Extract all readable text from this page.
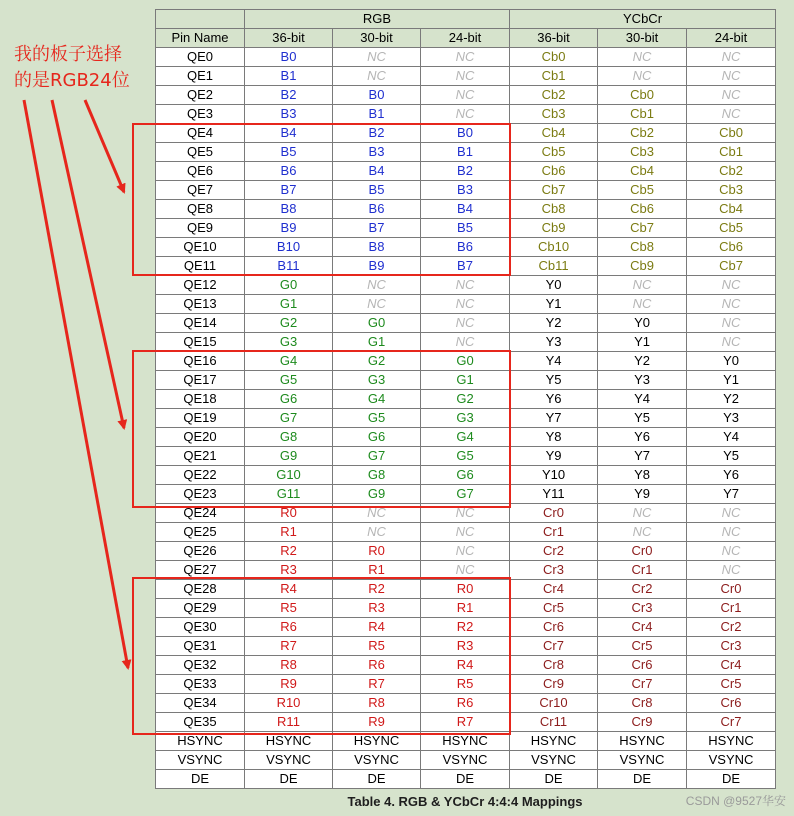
我的板子选择
的是RGB24位
	RGB			YCbCr		
Pin Name	36-bit	30-bit	24-bit	36-bit	30-bit	24-bit
QE0	B0	NC	NC	Cb0	NC	NC
QE1	B1	NC	NC	Cb1	NC	NC
QE2	B2	B0	NC	Cb2	Cb0	NC
QE3	B3	B1	NC	Cb3	Cb1	NC
QE4	B4	B2	B0	Cb4	Cb2	Cb0
QE5	B5	B3	B1	Cb5	Cb3	Cb1
QE6	B6	B4	B2	Cb6	Cb4	Cb2
QE7	B7	B5	B3	Cb7	Cb5	Cb3
QE8	B8	B6	B4	Cb8	Cb6	Cb4
QE9	B9	B7	B5	Cb9	Cb7	Cb5
QE10	B10	B8	B6	Cb10	Cb8	Cb6
QE11	B11	B9	B7	Cb11	Cb9	Cb7
QE12	G0	NC	NC	Y0	NC	NC
QE13	G1	NC	NC	Y1	NC	NC
QE14	G2	G0	NC	Y2	Y0	NC
QE15	G3	G1	NC	Y3	Y1	NC
QE16	G4	G2	G0	Y4	Y2	Y0
QE17	G5	G3	G1	Y5	Y3	Y1
QE18	G6	G4	G2	Y6	Y4	Y2
QE19	G7	G5	G3	Y7	Y5	Y3
QE20	G8	G6	G4	Y8	Y6	Y4
QE21	G9	G7	G5	Y9	Y7	Y5
QE22	G10	G8	G6	Y10	Y8	Y6
QE23	G11	G9	G7	Y11	Y9	Y7
QE24	R0	NC	NC	Cr0	NC	NC
QE25	R1	NC	NC	Cr1	NC	NC
QE26	R2	R0	NC	Cr2	Cr0	NC
QE27	R3	R1	NC	Cr3	Cr1	NC
QE28	R4	R2	R0	Cr4	Cr2	Cr0
QE29	R5	R3	R1	Cr5	Cr3	Cr1
QE30	R6	R4	R2	Cr6	Cr4	Cr2
QE31	R7	R5	R3	Cr7	Cr5	Cr3
QE32	R8	R6	R4	Cr8	Cr6	Cr4
QE33	R9	R7	R5	Cr9	Cr7	Cr5
QE34	R10	R8	R6	Cr10	Cr8	Cr6
QE35	R11	R9	R7	Cr11	Cr9	Cr7
HSYNC	HSYNC	HSYNC	HSYNC	HSYNC	HSYNC	HSYNC
VSYNC	VSYNC	VSYNC	VSYNC	VSYNC	VSYNC	VSYNC
DE	DE	DE	DE	DE	DE	DE
Table 4. RGB & YCbCr 4:4:4 Mappings	CSDN @9527华安
